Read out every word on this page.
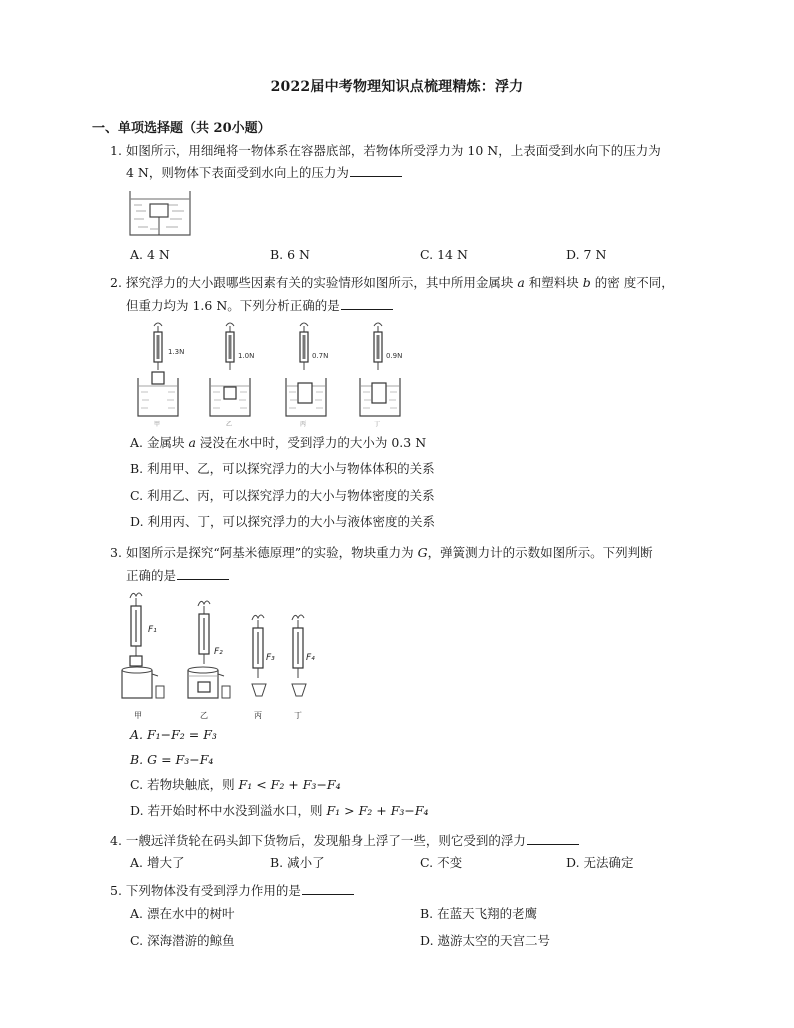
2022届中考物理知识点梳理精炼：浮力
一、单项选择题（共 20小题）
1. 如图所示，用细绳将一物体系在容器底部，若物体所受浮力为 10 N，上表面受到水向下的压力为
4 N，则物体下表面受到水向上的压力为
A. 4 N	B. 6 N	C. 14 N	D. 7 N
2. 探究浮力的大小跟哪些因素有关的实验情形如图所示，其中所用金属块 a 和塑料块 b 的密 度不同，
但重力均为 1.6 N。下列分析正确的是
1.3N
甲
1.0N
乙
0.7N
丙
0.9N
丁
A. 金属块 a 浸没在水中时，受到浮力的大小为 0.3 N
B. 利用甲、乙，可以探究浮力的大小与物体体积的关系
C. 利用乙、丙，可以探究浮力的大小与物体密度的关系
D. 利用丙、丁，可以探究浮力的大小与液体密度的关系
3. 如图所示是探究“阿基米德原理”的实验，物块重力为 G，弹簧测力计的示数如图所示。下列判断
正确的是
F₁
甲
F₂
乙
F₃
丙
F₄
丁
A. F₁−F₂ = F₃
B. G = F₃−F₄
C. 若物块触底，则 F₁ < F₂ + F₃−F₄
D. 若开始时杯中水没到溢水口，则 F₁ > F₂ + F₃−F₄
4. 一艘远洋货轮在码头卸下货物后，发现船身上浮了一些，则它受到的浮力
A. 增大了	B. 减小了	C. 不变	D. 无法确定
5. 下列物体没有受到浮力作用的是
A. 漂在水中的树叶	B. 在蓝天飞翔的老鹰
C. 深海潜游的鲸鱼	D. 遨游太空的天宫二号
